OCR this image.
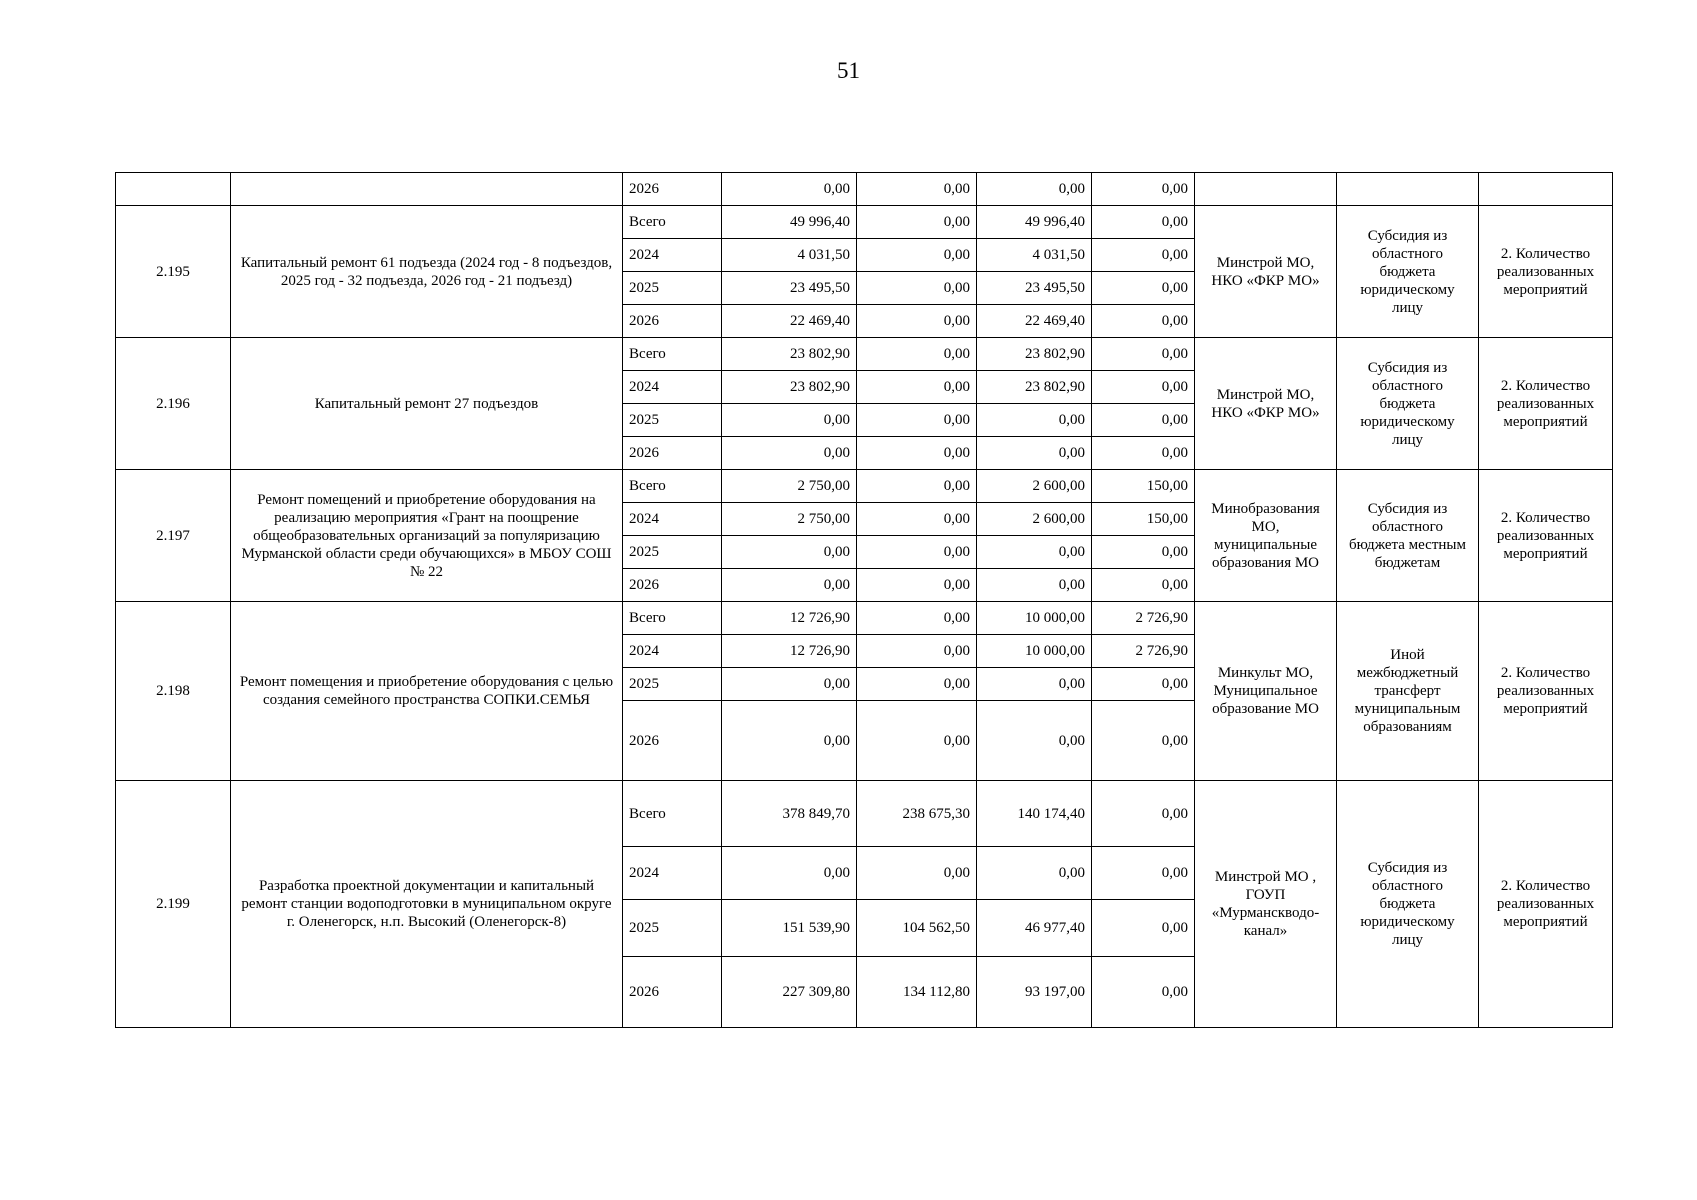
51
		2026	0,00	0,00	0,00	0,00			
2.195	Капитальный ремонт 61 подъезда (2024 год - 8 подъездов, 2025 год - 32 подъезда, 2026 год - 21 подъезд)	Всего	49 996,40	0,00	49 996,40	0,00	Минстрой МО, НКО «ФКР МО»	Субсидия из областного бюджета юридическому лицу	2. Количество реализованных мероприятий
		2024	4 031,50	0,00	4 031,50	0,00			
		2025	23 495,50	0,00	23 495,50	0,00			
		2026	22 469,40	0,00	22 469,40	0,00			
2.196	Капитальный ремонт 27 подъездов	Всего	23 802,90	0,00	23 802,90	0,00	Минстрой МО, НКО «ФКР МО»	Субсидия из областного бюджета юридическому лицу	2. Количество реализованных мероприятий
		2024	23 802,90	0,00	23 802,90	0,00			
		2025	0,00	0,00	0,00	0,00			
		2026	0,00	0,00	0,00	0,00			
2.197	Ремонт помещений и приобретение оборудования на реализацию мероприятия «Грант на поощрение общеобразовательных организаций за популяризацию Мурманской области среди обучающихся» в МБОУ СОШ № 22	Всего	2 750,00	0,00	2 600,00	150,00	Минобразования МО, муниципальные образования МО	Субсидия из областного бюджета местным бюджетам	2. Количество реализованных мероприятий
		2024	2 750,00	0,00	2 600,00	150,00			
		2025	0,00	0,00	0,00	0,00			
		2026	0,00	0,00	0,00	0,00			
2.198	Ремонт помещения и приобретение оборудования с целью создания семейного пространства СОПКИ.СЕМЬЯ	Всего	12 726,90	0,00	10 000,00	2 726,90	Минкульт МО, Муниципальное образование МО	Иной межбюджетный трансферт муниципальным образованиям	2. Количество реализованных мероприятий
		2024	12 726,90	0,00	10 000,00	2 726,90			
		2025	0,00	0,00	0,00	0,00			
		2026	0,00	0,00	0,00	0,00			
2.199	Разработка проектной документации и капитальный ремонт станции водоподготовки в муниципальном округе г. Оленегорск, н.п. Высокий (Оленегорск-8)	Всего	378 849,70	238 675,30	140 174,40	0,00	Минстрой МО , ГОУП «Мурманскводо-канал»	Субсидия из областного бюджета юридическому лицу	2. Количество реализованных мероприятий
		2024	0,00	0,00	0,00	0,00			
		2025	151 539,90	104 562,50	46 977,40	0,00			
		2026	227 309,80	134 112,80	93 197,00	0,00			
